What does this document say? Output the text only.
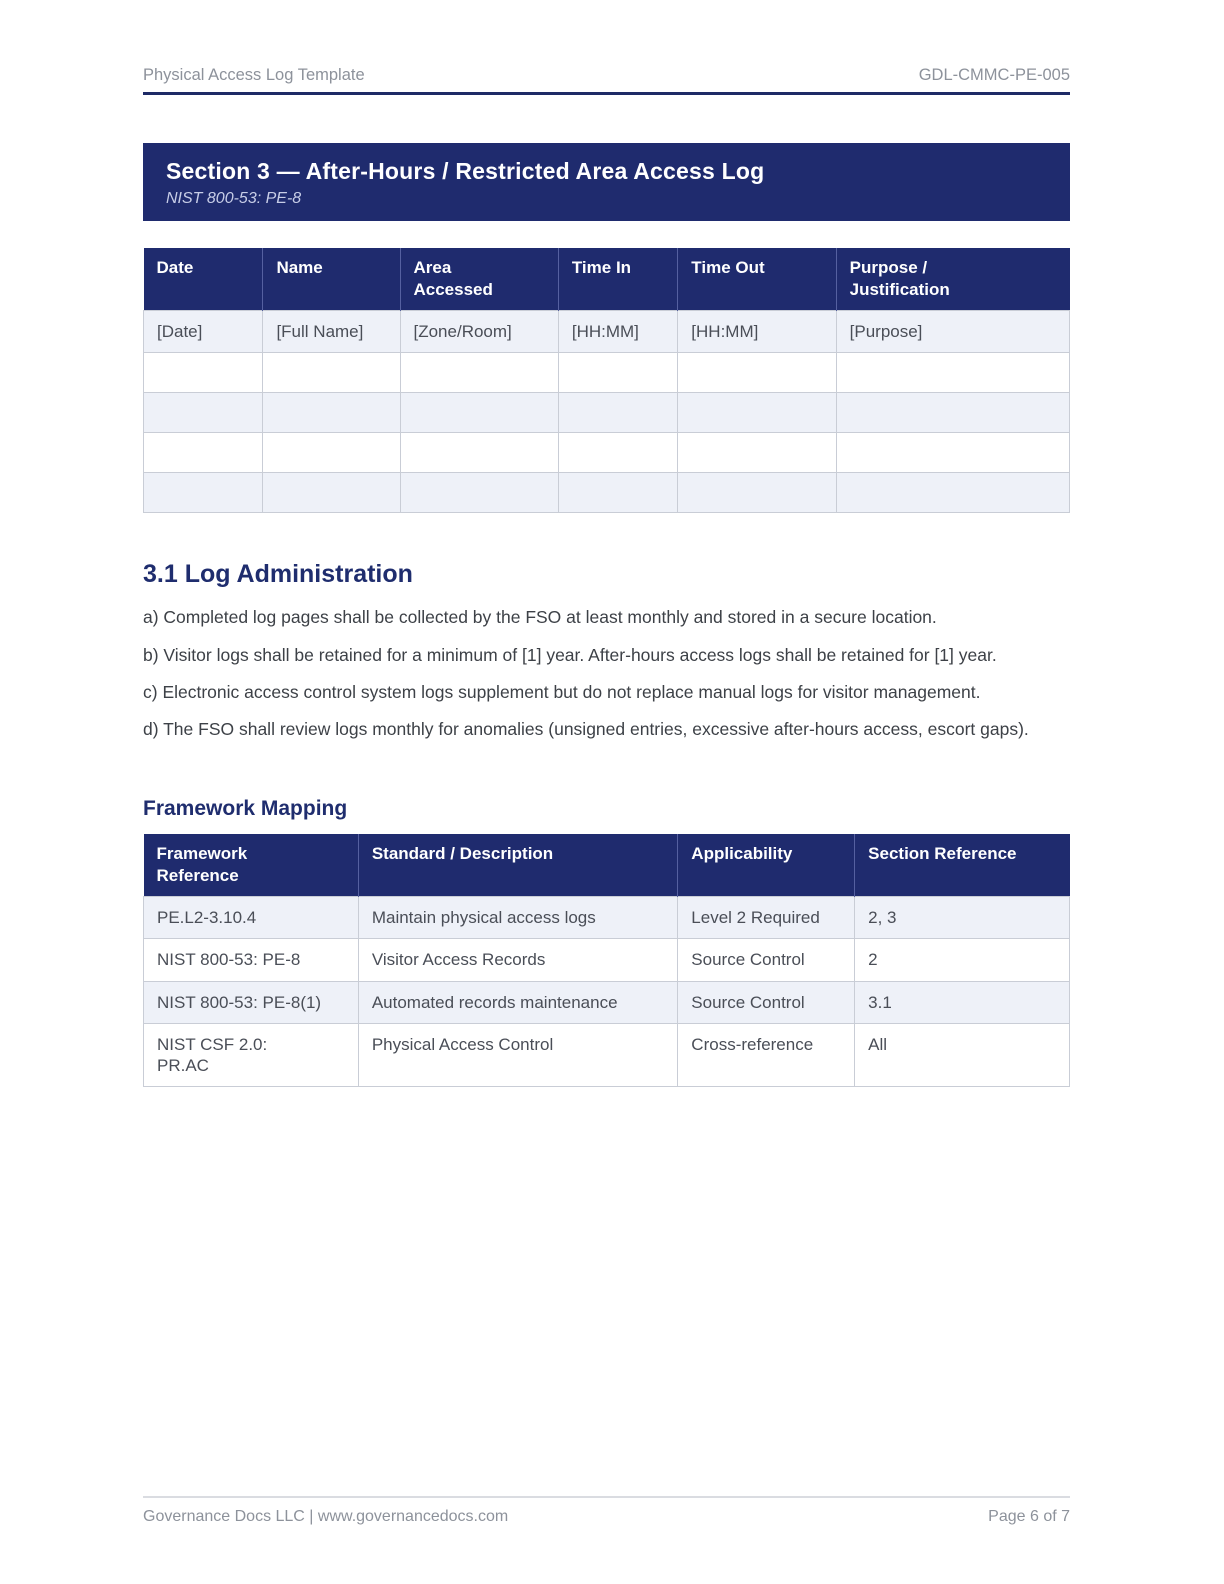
Physical Access Log Template	GDL-CMMC-PE-005
Section 3 — After-Hours / Restricted Area Access Log
NIST 800-53: PE-8
Date	Name	Area Accessed	Time In	Time Out	Purpose / Justification
[Date]	[Full Name]	[Zone/Room]	[HH:MM]	[HH:MM]	[Purpose]

3.1 Log Administration

a) Completed log pages shall be collected by the FSO at least monthly and stored in a secure location.

b) Visitor logs shall be retained for a minimum of [1] year. After-hours access logs shall be retained for [1] year.

c) Electronic access control system logs supplement but do not replace manual logs for visitor management.

d) The FSO shall review logs monthly for anomalies (unsigned entries, excessive after-hours access, escort gaps).

Framework Mapping
Framework Reference	Standard / Description	Applicability	Section Reference
PE.L2-3.10.4	Maintain physical access logs	Level 2 Required	2, 3
NIST 800-53: PE-8	Visitor Access Records	Source Control	2
NIST 800-53: PE-8(1)	Automated records maintenance	Source Control	3.1
NIST CSF 2.0: PR.AC	Physical Access Control	Cross-reference	All
Governance Docs LLC | www.governancedocs.com	Page 6 of 7
